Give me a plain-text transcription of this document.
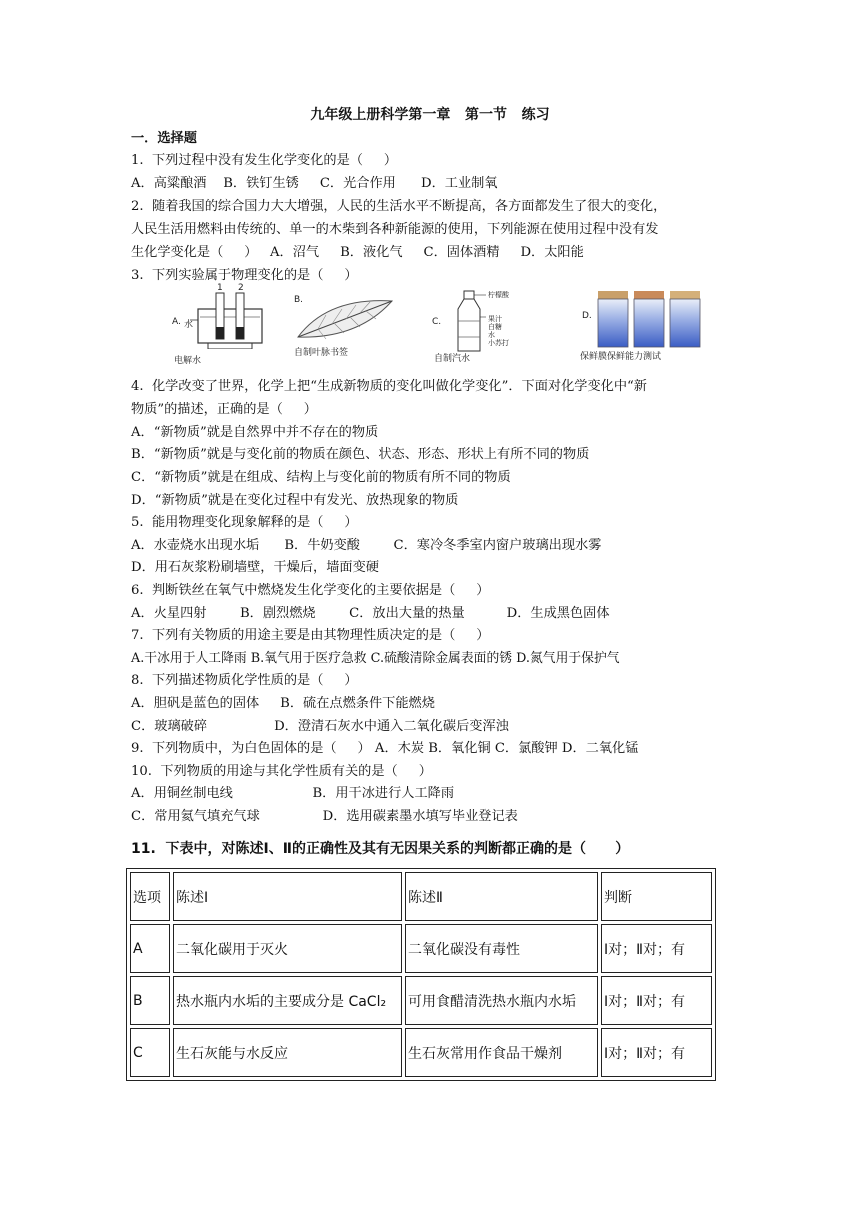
九年级上册科学第一章   第一节   练习
一．选择题
1.  下列过程中没有发生化学变化的是（     ）
A．高粱酿酒    B．铁钉生锈     C．光合作用      D．工业制氧
2.  随着我国的综合国力大大增强，人民的生活水平不断提高，各方面都发生了很大的变化，
人民生活用燃料由传统的、单一的木柴到各种新能源的使用，下列能源在使用过程中没有发
生化学变化是（     ）   A．沼气     B．液化气     C．固体酒精     D．太阳能
3.  下列实验属于物理变化的是（     ）
A.
1 2
水
电解水
B.
自制叶脉书签
C.
柠檬酸
果汁
白糖
水
小苏打
自制汽水
D.
保鲜膜保鲜能力测试
4.  化学改变了世界，化学上把“生成新物质的变化叫做化学变化”．下面对化学变化中“新
物质”的描述，正确的是（     ）
A．“新物质”就是自然界中并不存在的物质
B．“新物质”就是与变化前的物质在颜色、状态、形态、形状上有所不同的物质
C．“新物质”就是在组成、结构上与变化前的物质有所不同的物质
D．“新物质”就是在变化过程中有发光、放热现象的物质
5.  能用物理变化现象解释的是（     ）
A．水壶烧水出现水垢      B．牛奶变酸        C．寒冷冬季室内窗户玻璃出现水雾
D．用石灰浆粉刷墙壁，干燥后，墙面变硬
6.  判断铁丝在氧气中燃烧发生化学变化的主要依据是（     ）
A．火星四射        B．剧烈燃烧        C．放出大量的热量          D．生成黑色固体
7.  下列有关物质的用途主要是由其物理性质决定的是（     ）
A.干冰用于人工降雨 B.氧气用于医疗急救 C.硫酸清除金属表面的锈 D.氮气用于保护气
8.  下列描述物质化学性质的是（     ）
A．胆矾是蓝色的固体     B．硫在点燃条件下能燃烧
C．玻璃破碎                D．澄清石灰水中通入二氧化碳后变浑浊
9.  下列物质中，为白色固体的是（     ） A．木炭 B．氧化铜 C．氯酸钾 D．二氧化锰
10.  下列物质的用途与其化学性质有关的是（     ）
A．用铜丝制电线                   B．用干冰进行人工降雨
C．常用氦气填充气球               D．选用碳素墨水填写毕业登记表
11.  下表中，对陈述Ⅰ、Ⅱ的正确性及其有无因果关系的判断都正确的是（      ）
选项	陈述Ⅰ	陈述Ⅱ	判断
A	二氧化碳用于灭火	二氧化碳没有毒性	Ⅰ对；Ⅱ对；有
B	热水瓶内水垢的主要成分是 CaCl₂	可用食醋清洗热水瓶内水垢	Ⅰ对；Ⅱ对；有
C	生石灰能与水反应	生石灰常用作食品干燥剂	Ⅰ对；Ⅱ对；有
